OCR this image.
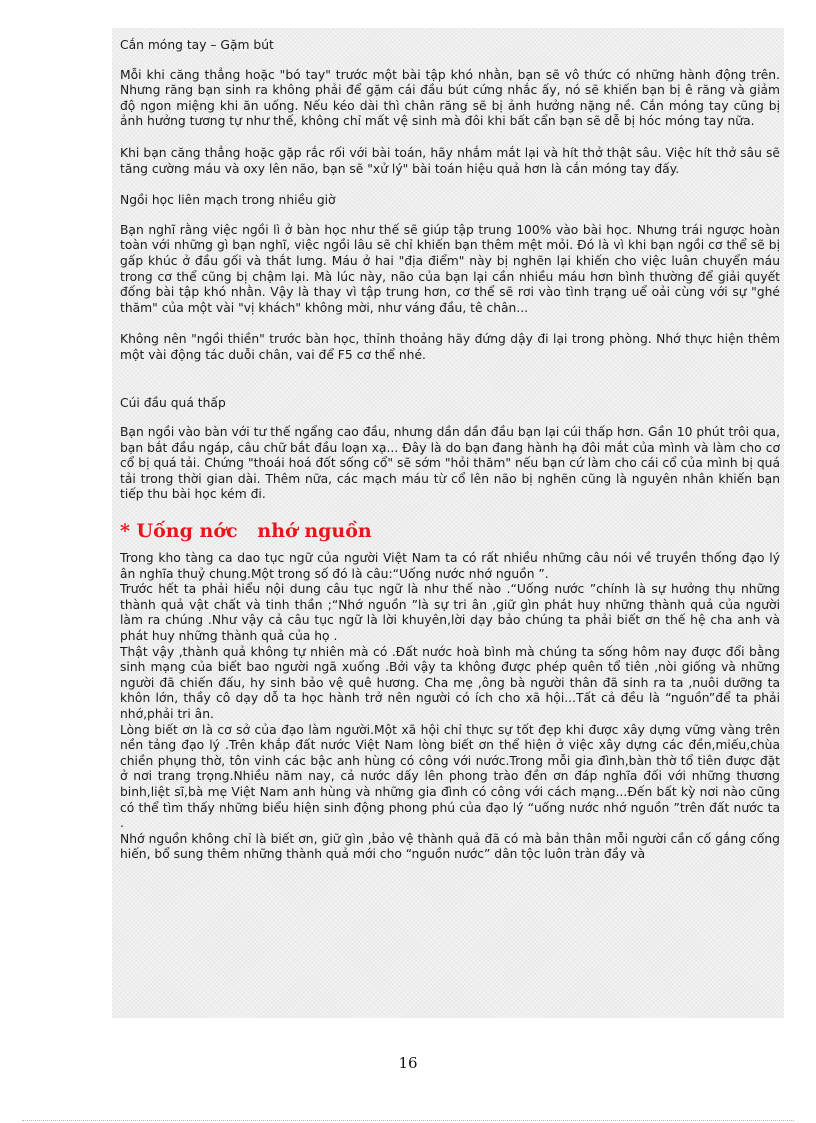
Cắn móng tay – Gặm bút

Mỗi khi căng thẳng hoặc "bó tay" trước một bài tập khó nhằn, bạn sẽ vô thức có những hành động trên. Nhưng răng bạn sinh ra không phải để gặm cái đầu bút cứng nhắc ấy, nó sẽ khiến bạn bị ê răng và giảm độ ngon miệng khi ăn uống. Nếu kéo dài thì chân răng sẽ bị ảnh hưởng nặng nề. Cắn móng tay cũng bị ảnh hưởng tương tự như thế, không chỉ mất vệ sinh mà đôi khi bất cẩn bạn sẽ dễ bị hóc móng tay nữa.

Khi bạn căng thẳng hoặc gặp rắc rối với bài toán, hãy nhắm mắt lại và hít thở thật sâu. Việc hít thở sâu sẽ tăng cường máu và oxy lên não, bạn sẽ "xử lý" bài toán hiệu quả hơn là cắn móng tay đấy.

Ngồi học liên mạch trong nhiều giờ

Bạn nghĩ rằng việc ngồi lì ở bàn học như thế sẽ giúp tập trung 100% vào bài học. Nhưng trái ngược hoàn toàn với những gì bạn nghĩ, việc ngồi lâu sẽ chỉ khiến bạn thêm mệt mỏi. Đó là vì khi bạn ngồi cơ thể sẽ bị gấp khúc ở đầu gối và thắt lưng. Máu ở hai "địa điểm" này bị nghẽn lại khiến cho việc luân chuyển máu trong cơ thể cũng bị chậm lại. Mà lúc này, não của bạn lại cần nhiều máu hơn bình thường để giải quyết đống bài tập khó nhằn. Vậy là thay vì tập trung hơn, cơ thể sẽ rơi vào tình trạng uể oải cùng với sự "ghé thăm" của một vài "vị khách" không mời, như váng đầu, tê chân...

Không nên "ngồi thiền" trước bàn học, thỉnh thoảng hãy đứng dậy đi lại trong phòng. Nhớ thực hiện thêm một vài động tác duỗi chân, vai để F5 cơ thể nhé.

Cúi đầu quá thấp

Bạn ngồi vào bàn với tư thế ngẩng cao đầu, nhưng dần dần đầu bạn lại cúi thấp hơn. Gần 10 phút trôi qua, bạn bắt đầu ngáp, câu chữ bắt đầu loạn xạ... Đây là do bạn đang hành hạ đôi mắt của mình và làm cho cơ cổ bị quá tải. Chứng "thoái hoá đốt sống cổ" sẽ sớm "hỏi thăm" nếu bạn cứ làm cho cái cổ của mình bị quá tải trong thời gian dài. Thêm nữa, các mạch máu từ cổ lên não bị nghẽn cũng là nguyên nhân khiến bạn tiếp thu bài học kém đi.

* Uống nớc   nhớ nguồn

Trong kho tàng ca dao tục ngữ của người Việt Nam ta có rất nhiều những câu nói về truyền thống đạo lý ân nghĩa thuỷ chung.Một trong số đó là câu:“Uống nước nhớ nguồn ”.

Trước hết ta phải hiểu nội dung câu tục ngữ là như thế nào .“Uống nước ”chính là sự hưởng thụ những thành quả vật chất và tinh thần ;“Nhớ nguồn ”là sự tri ân ,giữ gìn phát huy những thành quả của người làm ra chúng .Như vậy cả câu tục ngữ là lời khuyên,lời dạy bảo chúng ta phải biết ơn thế hệ cha anh và phát huy những thành quả của họ .

Thật vậy ,thành quả không tự nhiên mà có .Đất nước hoà bình mà chúng ta sống hôm nay được đổi bằng sinh mạng của biết bao người ngã xuống .Bởi vậy ta không được phép quên tổ tiên ,nòi giống và những người đã chiến đấu, hy sinh bảo vệ quê hương. Cha mẹ ,ông bà người thân đã sinh ra ta ,nuôi dưỡng ta khôn lớn, thầy cô dạy dỗ ta học hành trở nên người có ích cho xã hội...Tất cả đều là “nguồn”để ta phải nhớ,phải tri ân.

Lòng biết ơn là cơ sở của đạo làm người.Một xã hội chỉ thực sự tốt đẹp khi được xây dựng vững vàng trên nền tảng đạo lý .Trên khắp đất nước Việt Nam lòng biết ơn thể hiện ở việc xây dựng các đền,miếu,chùa chiền phụng thờ, tôn vinh các bậc anh hùng có công với nước.Trong mỗi gia đình,bàn thờ tổ tiên được đặt ở nơi trang trọng.Nhiều năm nay, cả nước dấy lên phong trào đền ơn đáp nghĩa đối với những thương binh,liệt sĩ,bà mẹ Việt Nam anh hùng và những gia đình có công với cách mạng...Đến bất kỳ nơi nào cũng có thể tìm thấy những biểu hiện sinh động phong phú của đạo lý “uống nước nhớ nguồn ”trên đất nước ta .

Nhớ nguồn không chỉ là biết ơn, giữ gìn ,bảo vệ thành quả đã có mà bản thân mỗi người cần cố gắng cống hiến, bổ sung thêm những thành quả mới cho “nguồn nước” dân tộc luôn tràn đầy và

16
